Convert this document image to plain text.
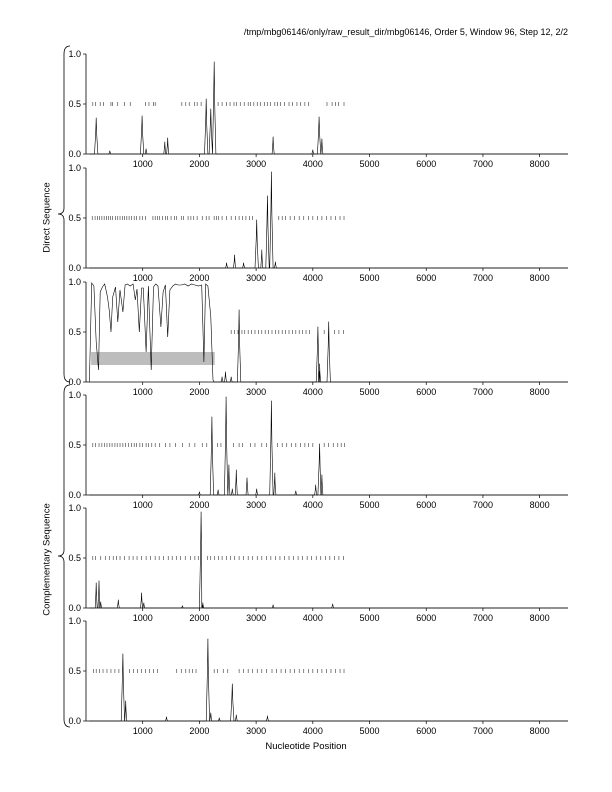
0.0
0.5
1.0
1000	2000	3000	4000	5000	6000	7000	8000
0.0
0.5
1.0
1000	2000	3000	4000	5000	6000	7000	8000
0.0
0.5
1.0
1000	2000	3000	4000	5000	6000	7000	8000
0.0
0.5
1.0
1000	2000	3000	4000	5000	6000	7000	8000
0.0
0.5
1.0
1000	2000	3000	4000	5000	6000	7000	8000
0.0
0.5
1.0
1000	2000	3000	4000	5000	6000	7000	8000
/tmp/mbg06146/only/raw_result_dir/mbg06146, Order 5, Window 96, Step 12, 2/2
Direct Sequence
Complementary Sequence
Nucleotide Position
